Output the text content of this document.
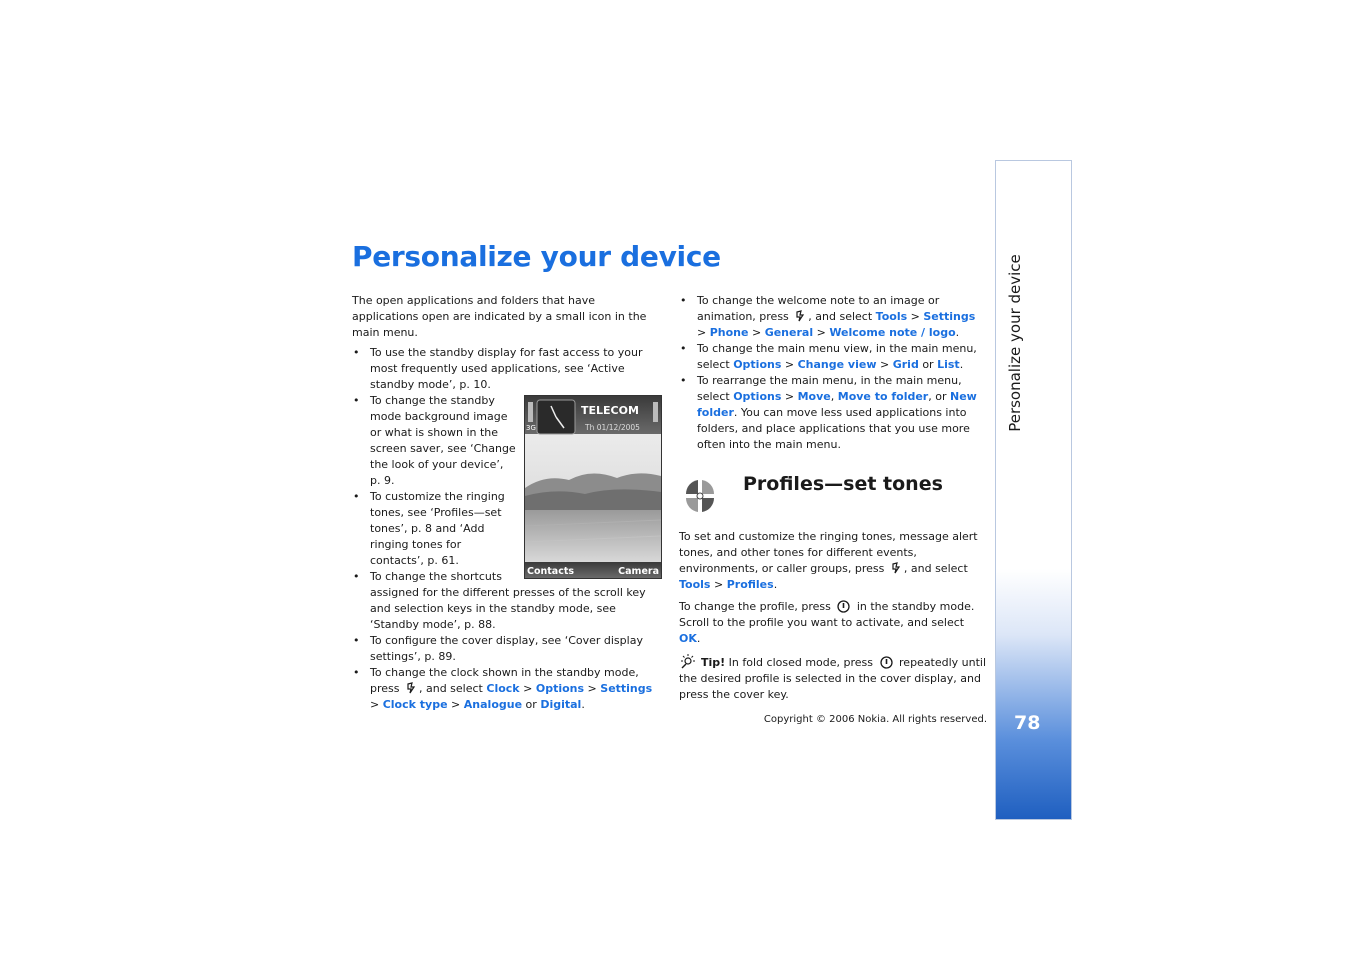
Personalize your device

The open applications and folders that have applications open are indicated by a small icon in the main menu.

• To use the standby display for fast access to your most frequently used applications, see ‘Active standby mode’, p. 10.
• TELECOM
3G	Th 01/12/2005
Contacts	Camera
To change the standby mode background image or what is shown in the screen saver, see ‘Change the look of your device’, p. 9.
• To customize the ringing tones, see ‘Profiles—set tones’, p. 8 and ‘Add ringing tones for contacts’, p. 61.
• To change the shortcuts assigned for the different presses of the scroll key and selection keys in the standby mode, see ‘Standby mode’, p. 88.
• To configure the cover display, see ‘Cover display settings’, p. 89.
• To change the clock shown in the standby mode, press , and select Clock > Options > Settings > Clock type > Analogue or Digital.
• To change the welcome note to an image or animation, press , and select Tools > Settings > Phone > General > Welcome note / logo.
• To change the main menu view, in the main menu, select Options > Change view > Grid or List.
• To rearrange the main menu, in the main menu, select Options > Move, Move to folder, or New folder. You can move less used applications into folders, and place applications that you use more often into the main menu.
Profiles—set tones

To set and customize the ringing tones, message alert tones, and other tones for different events, environments, or caller groups, press , and select Tools > Profiles.

To change the profile, press in the standby mode. Scroll to the profile you want to activate, and select OK.

Tip! In fold closed mode, press repeatedly until the desired profile is selected in the cover display, and press the cover key.

Copyright © 2006 Nokia. All rights reserved.
Personalize your device
78
